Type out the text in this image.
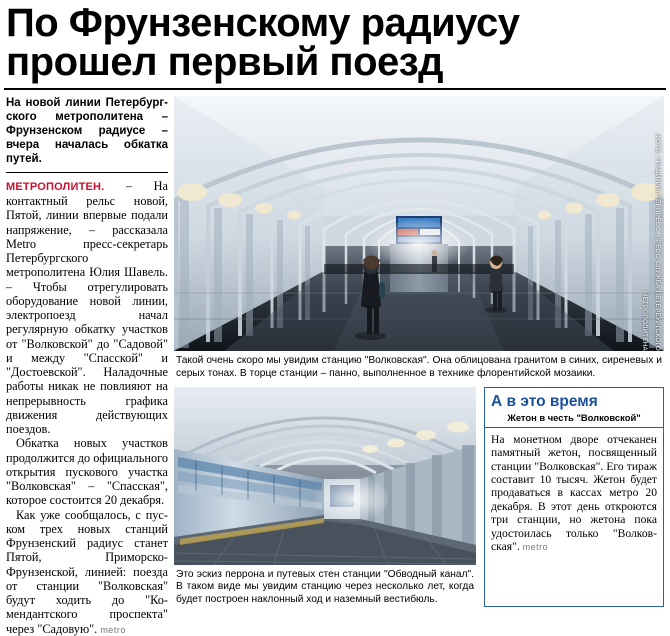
По Фрунзенскому радиусу
прошел первый поезд
На новой линии Петербургского метрополитена – Фрунзенском радиусе – вчера началась обкатка путей.

МЕТРОПОЛИТЕН. – На контактный рельс новой, Пятой, линии впервые подали напряжение, – рассказала Metro пресс-секретарь Петербургского метрополитена Юлия Шавель. – Чтобы отрегулировать оборудование новой линии, электропоезд начал регулярную обкатку участков от "Волковской" до "Садовой" и между "Спасской" и "Достоевской". Наладочные работы никак не повлияют на непрерывность графика движения действующих поездов.

Обкатка новых участков продолжится до официального открытия пускового участка "Волковская" – "Спасская", которое состоится 20 декабря.

Как уже сообщалось, с пуском трех новых станций Фрунзенский радиус станет Пятой, Приморско-Фрунзенской, линией: поезда от станции "Волковская" будут ходить до "Комендантского проспекта" через "Садовую". metro

ФОТО: ГРАЦИЯ/ИНТЕРПРЕСС, ПРЕСС-СЛУЖБА ПЕТЕРБУРГСКОГО МЕТРОПОЛИТЕНА
Такой очень скоро мы увидим станцию "Волковская". Она облицована гранитом в синих, сиреневых и серых тонах. В торце станции – панно, выполненное в технике флорентийской мозаики.
Это эскиз перрона и путевых стен станции "Обводный канал". В таком виде мы увидим станцию через несколько лет, когда будет построен наклонный ход и наземный вестибюль.
А в это время
Жетон в честь "Волковской"

На монетном дворе отчеканен памятный жетон, посвященный станции "Волковская". Его тираж составит 10 тысяч. Жетон будет продаваться в кассах метро 20 декабря. В этот день откроются три станции, но жетона пока удостоилась только "Волковская". metro
